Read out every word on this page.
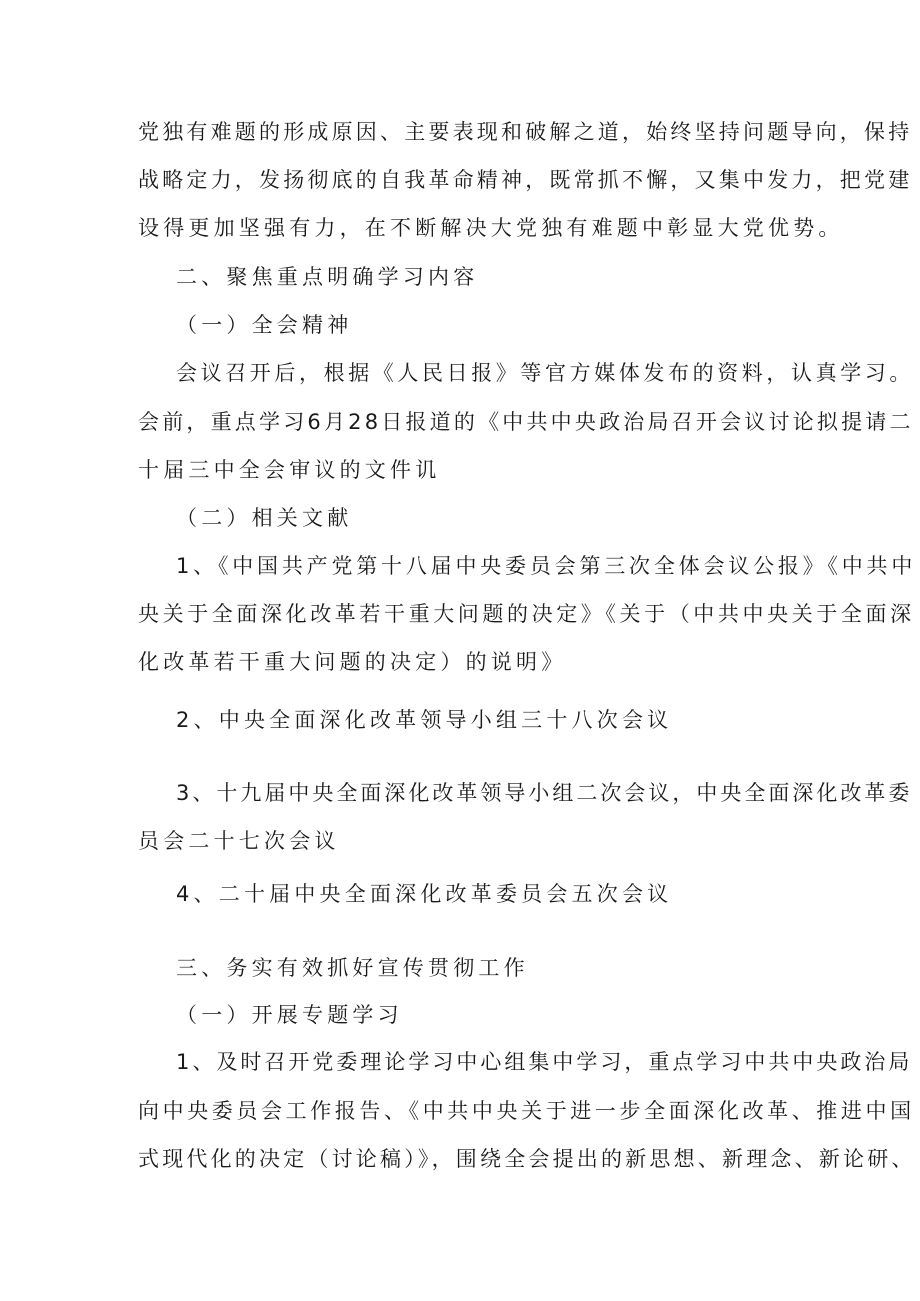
党独有难题的形成原因、主要表现和破解之道，始终坚持问题导向，保持
战略定力，发扬彻底的自我革命精神，既常抓不懈，又集中发力，把党建
设得更加坚强有力，在不断解决大党独有难题中彰显大党优势。
二、聚焦重点明确学习内容
（一）全会精神
会议召开后，根据《人民日报》等官方媒体发布的资料，认真学习。
会前，重点学习6月28日报道的《中共中央政治局召开会议讨论拟提请二
十届三中全会审议的文件讥
（二）相关文献
1、《中国共产党第十八届中央委员会第三次全体会议公报》《中共中
央关于全面深化改革若干重大问题的决定》《关于（中共中央关于全面深
化改革若干重大问题的决定）的说明》
2、中央全面深化改革领导小组三十八次会议
3、十九届中央全面深化改革领导小组二次会议，中央全面深化改革委
员会二十七次会议
4、二十届中央全面深化改革委员会五次会议
三、务实有效抓好宣传贯彻工作
（一）开展专题学习
1、及时召开党委理论学习中心组集中学习，重点学习中共中央政治局
向中央委员会工作报告、《中共中央关于进一步全面深化改革、推进中国
式现代化的决定（讨论稿）》，围绕全会提出的新思想、新理念、新论研、
